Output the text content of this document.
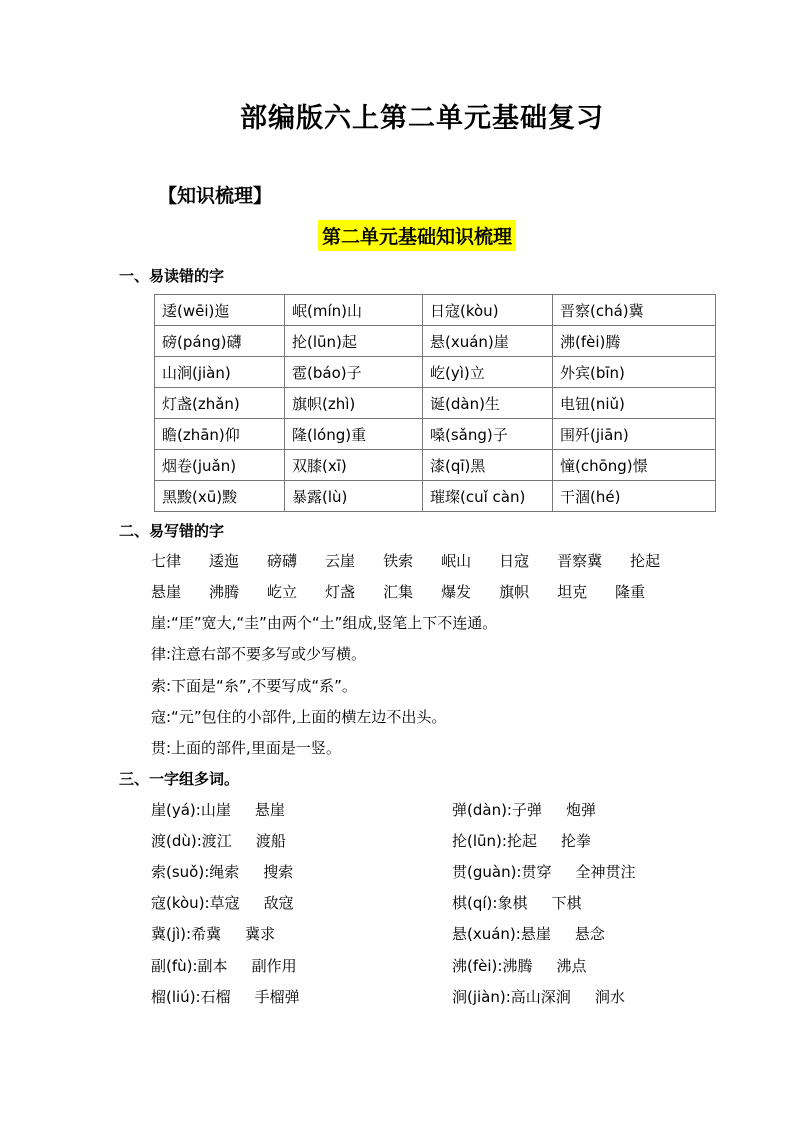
部编版六上第二单元基础复习
【知识梳理】
第二单元基础知识梳理
一、易读错的字
逶(wēi)迤	岷(mín)山	日寇(kòu)	晋察(chá)冀
磅(páng)礴	抡(lūn)起	悬(xuán)崖	沸(fèi)腾
山涧(jiàn)	雹(báo)子	屹(yì)立	外宾(bīn)
灯盏(zhǎn)	旗帜(zhì)	诞(dàn)生	电钮(niǔ)
瞻(zhān)仰	隆(lóng)重	嗓(sǎng)子	围歼(jiān)
烟卷(juǎn)	双膝(xī)	漆(qī)黑	憧(chōng)憬
黑黢(xū)黢	暴露(lù)	璀璨(cuǐ càn)	干涸(hé)
二、易写错的字
七律 逶迤 磅礴 云崖 铁索 岷山 日寇 晋察冀 抡起
悬崖 沸腾 屹立 灯盏 汇集 爆发 旗帜 坦克 隆重
崖:“厓”宽大,“圭”由两个“土”组成,竖笔上下不连通。
律:注意右部不要多写或少写横。
索:下面是“糸”,不要写成“系”。
寇:“元”包住的小部件,上面的横左边不出头。
贯:上面的部件,里面是一竖。
三、一字组多词。
崖(yá):山崖 悬崖
渡(dù):渡江 渡船
索(suǒ):绳索 搜索
寇(kòu):草寇 敌寇
冀(jì):希冀 冀求
副(fù):副本 副作用
榴(liú):石榴 手榴弹
弹(dàn):子弹 炮弹
抡(lūn):抡起 抡拳
贯(guàn):贯穿 全神贯注
棋(qí):象棋 下棋
悬(xuán):悬崖 悬念
沸(fèi):沸腾 沸点
涧(jiàn):高山深涧 涧水
